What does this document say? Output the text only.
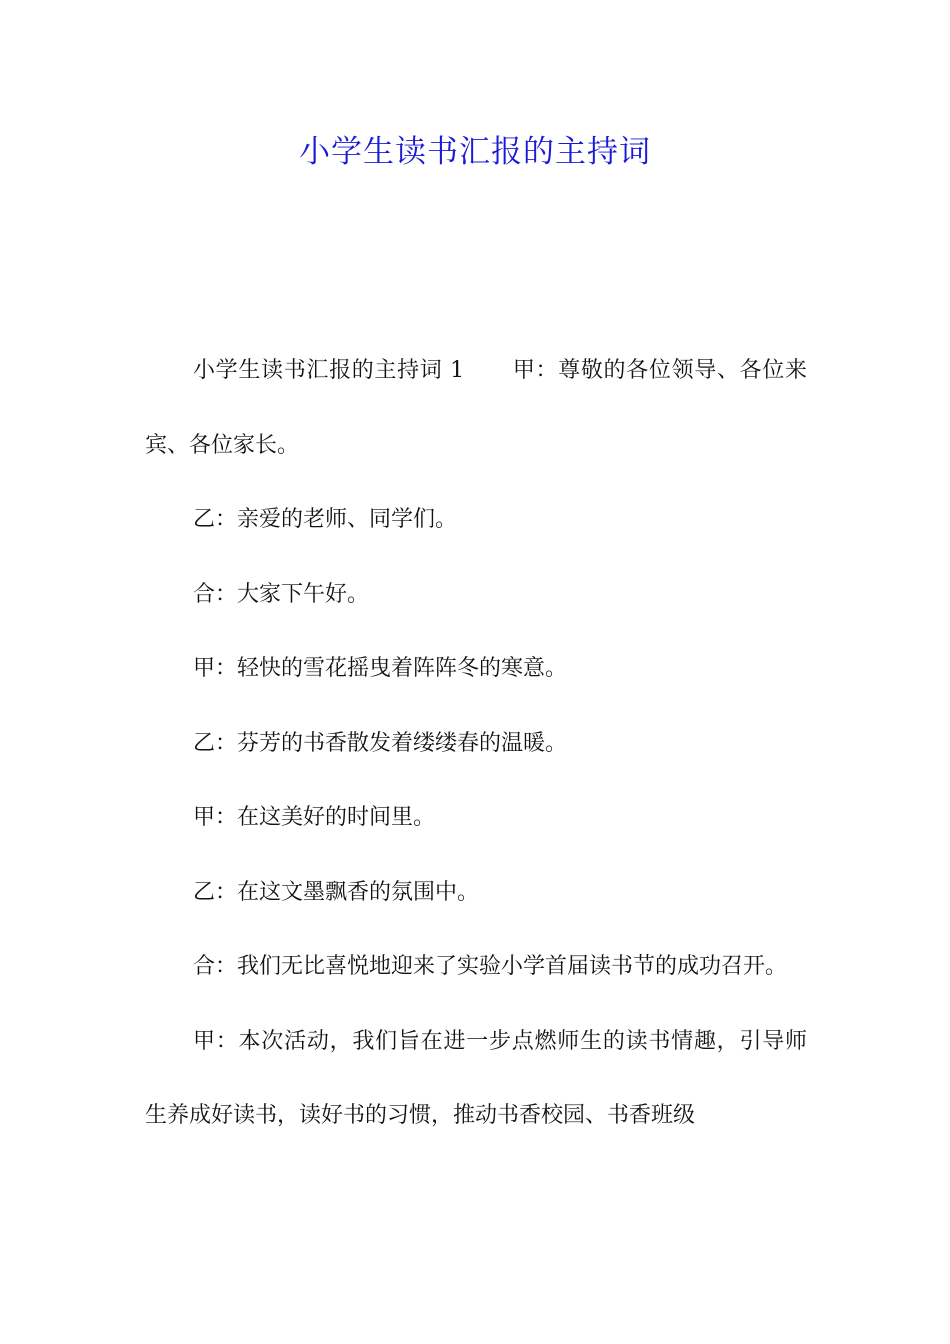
小学生读书汇报的主持词

小学生读书汇报的主持词 1 甲：尊敬的各位领导、各位来宾、各位家长。

乙：亲爱的老师、同学们。

合：大家下午好。

甲：轻快的雪花摇曳着阵阵冬的寒意。

乙：芬芳的书香散发着缕缕春的温暖。

甲：在这美好的时间里。

乙：在这文墨飘香的氛围中。

合：我们无比喜悦地迎来了实验小学首届读书节的成功召开。

甲：本次活动，我们旨在进一步点燃师生的读书情趣，引导师生养成好读书，读好书的习惯，推动书香校园、书香班级
